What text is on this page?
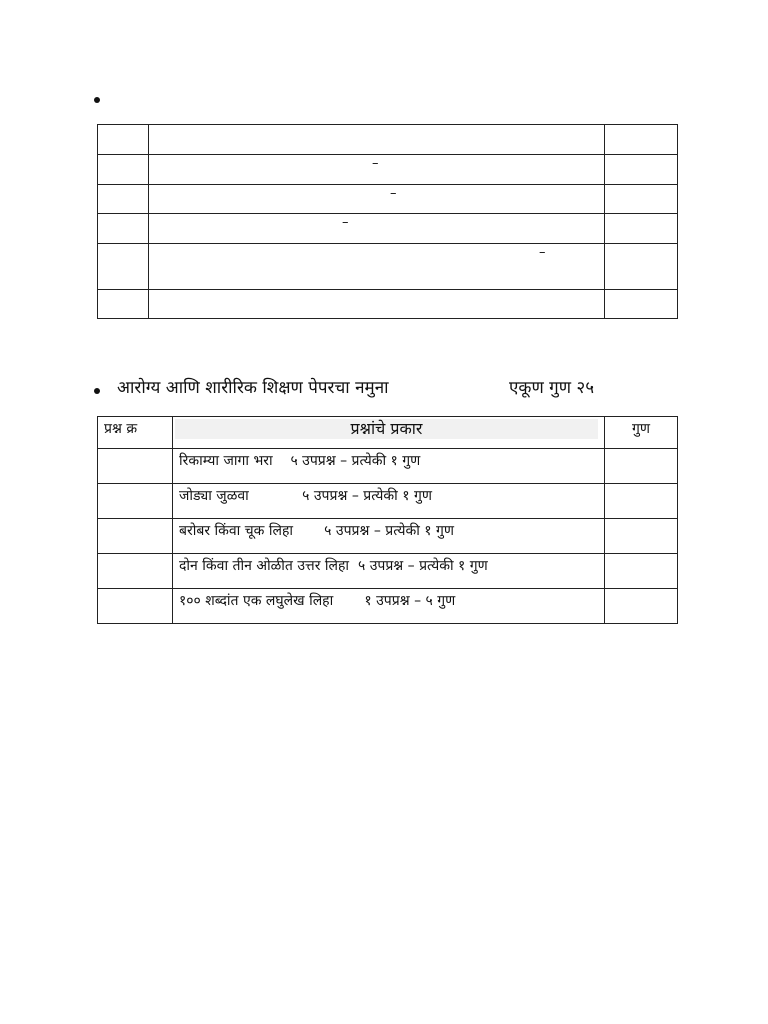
	–	

	–	

	–	

	–	

आरोग्य आणि शारीरिक शिक्षण पेपरचा नमुना	एकूण गुण २५
प्रश्न क्र	प्रश्नांचे प्रकार	गुण
	रिकाम्या जागा भरा    ५ उपप्रश्न – प्रत्येकी १ गुण	
	जोड्या जुळवा            ५ उपप्रश्न – प्रत्येकी १ गुण	
	बरोबर किंवा चूक लिहा       ५ उपप्रश्न – प्रत्येकी १ गुण	
	दोन किंवा तीन ओळीत उत्तर लिहा  ५ उपप्रश्न – प्रत्येकी १ गुण	
	१०० शब्दांत एक लघुलेख लिहा       १ उपप्रश्न – ५ गुण	
